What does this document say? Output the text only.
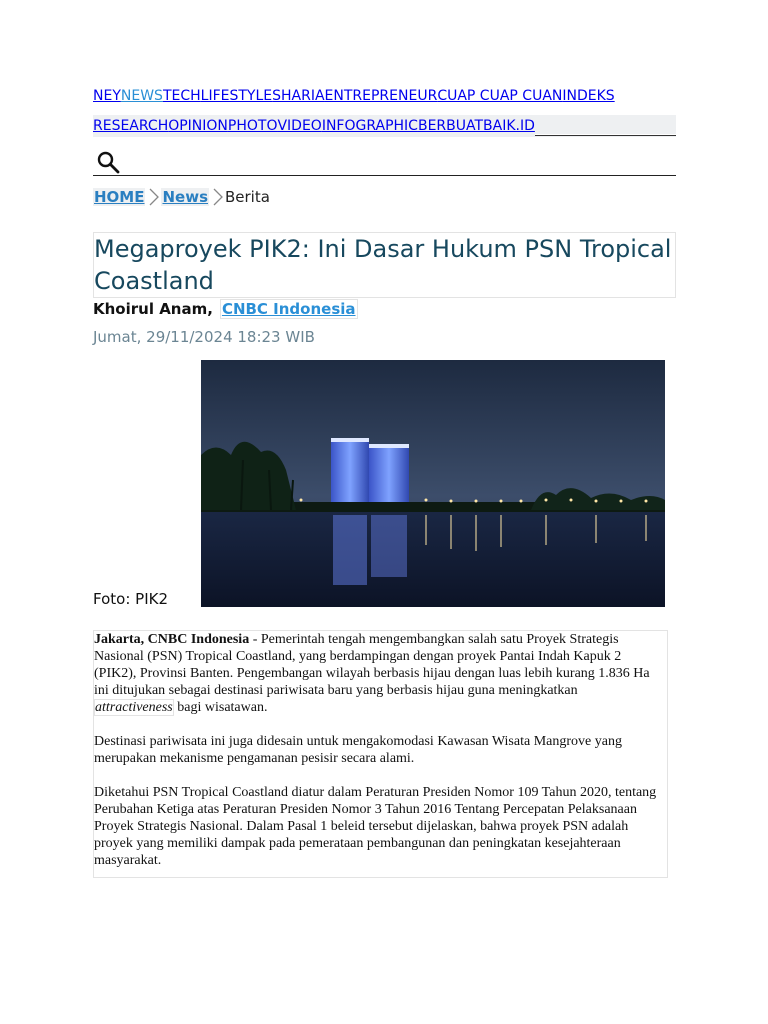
NEY NEWS TECH LIFESTYLE SHARIA ENTREPRENEUR CUAP CUAP CUAN INDEKS
RESEARCH OPINION PHOTO VIDEO INFOGRAPHIC BERBUATBAIK.ID
HOME News Berita
Megaproyek PIK2: Ini Dasar Hukum PSN Tropical Coastland
Khoirul Anam, CNBC Indonesia
Jumat, 29/11/2024 18:23 WIB
Foto: PIK2

Jakarta, CNBC Indonesia - Pemerintah tengah mengembangkan salah satu Proyek Strategis Nasional (PSN) Tropical Coastland, yang berdampingan dengan proyek Pantai Indah Kapuk 2 (PIK2), Provinsi Banten. Pengembangan wilayah berbasis hijau dengan luas lebih kurang 1.836 Ha ini ditujukan sebagai destinasi pariwisata baru yang berbasis hijau guna meningkatkan attractiveness bagi wisatawan.

Destinasi pariwisata ini juga didesain untuk mengakomodasi Kawasan Wisata Mangrove yang merupakan mekanisme pengamanan pesisir secara alami.

Diketahui PSN Tropical Coastland diatur dalam Peraturan Presiden Nomor 109 Tahun 2020, tentang Perubahan Ketiga atas Peraturan Presiden Nomor 3 Tahun 2016 Tentang Percepatan Pelaksanaan Proyek Strategis Nasional. Dalam Pasal 1 beleid tersebut dijelaskan, bahwa proyek PSN adalah proyek yang memiliki dampak pada pemerataan pembangunan dan peningkatan kesejahteraan masyarakat.
